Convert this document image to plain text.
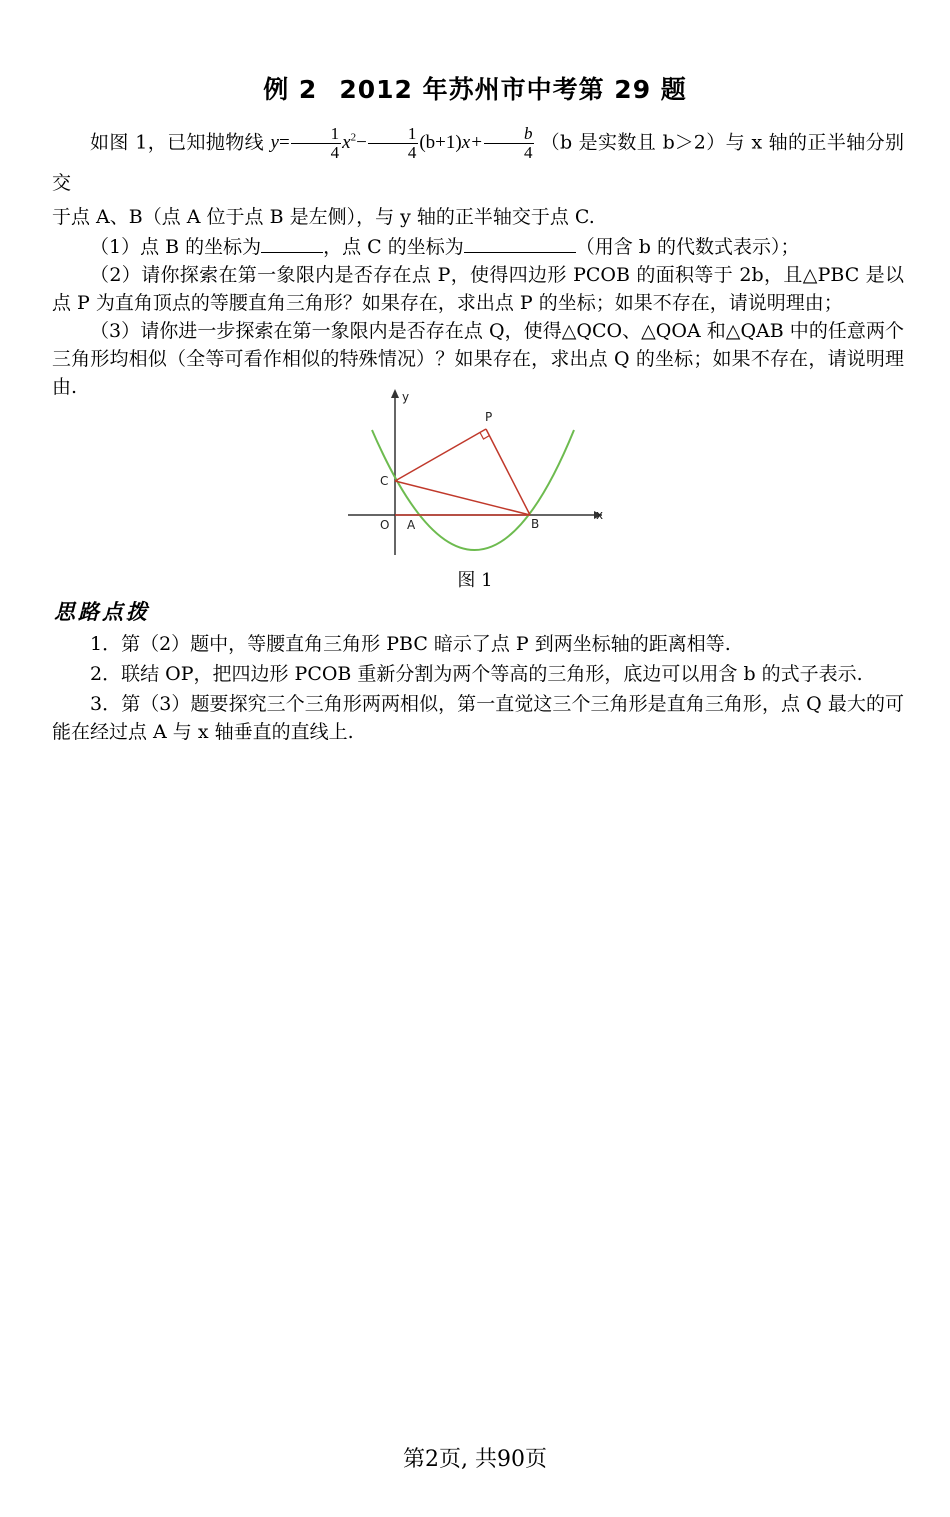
例 2 2012 年苏州市中考第 29 题

如图 1，已知抛物线 $y= \frac{1}{4} x^2- \frac{1}{4} (b+1)x+ \frac{b}{4} (b$ 是实数且 b＞2）与 x 轴的正半轴分别交

于点 A、B（点 A 位于点 B 是左侧），与 y 轴的正半轴交于点 C.

（1）点 B 的坐标为	，点 C 的坐标为	（用含 b 的代数式表示）；

（2）请你探索在第一象限内是否存在点 P，使得四边形 PCOB 的面积等于 2b，且△PBC 是以点 P 为直角顶点的等腰直角三角形？如果存在，求出点 P 的坐标；如果不存在，请说明理由；

（3）请你进一步探索在第一象限内是否存在点 Q，使得△QCO、△QOA 和△QAB 中的任意两个三角形均相似（全等可看作相似的特殊情况）？如果存在，求出点 Q 的坐标；如果不存在，请说明理由.	y
x
P
C
O A	B
图 1
思路点拨

1．第（2）题中，等腰直角三角形 PBC 暗示了点 P 到两坐标轴的距离相等.

2．联结 OP，把四边形 PCOB 重新分割为两个等高的三角形，底边可以用含 b 的式子表示.

3．第（3）题要探究三个三角形两两相似，第一直觉这三个三角形是直角三角形，点 Q 最大的可能在经过点 A 与 x 轴垂直的直线上.

第2页, 共90页
